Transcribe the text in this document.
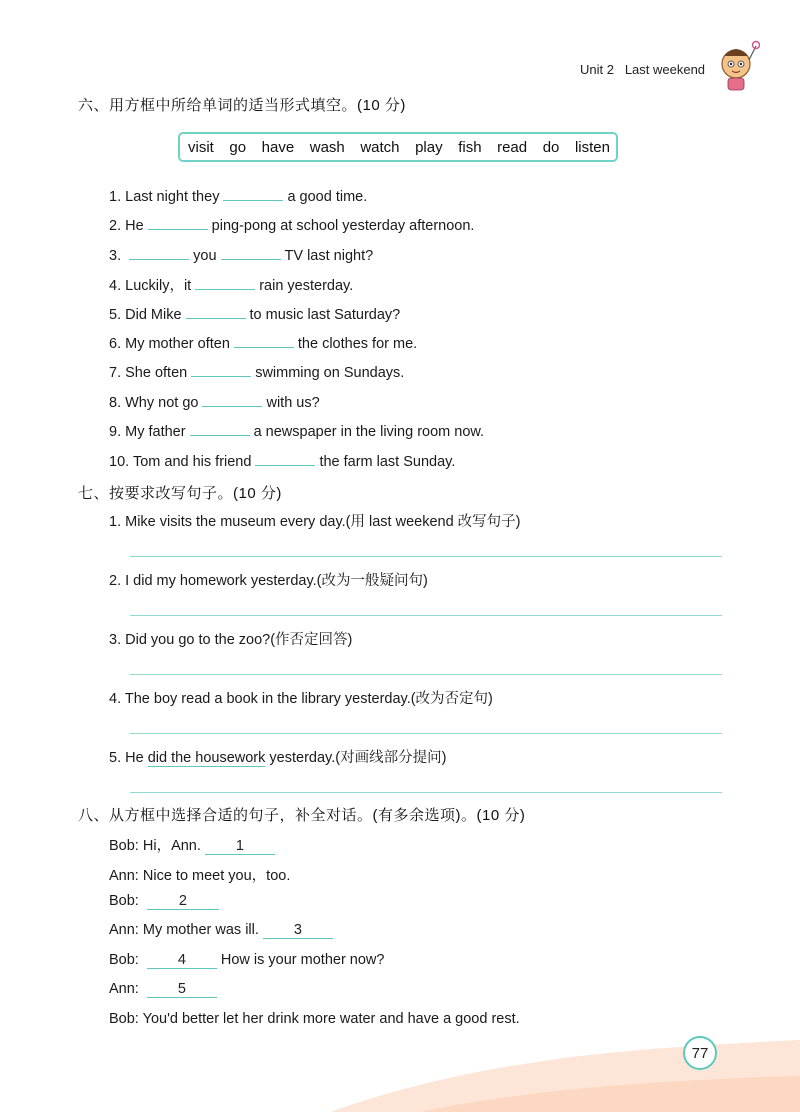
Unit 2 Last weekend
六、用方框中所给单词的适当形式填空。(10 分)
visit go have wash watch play fish read do listen
1. Last night they	a good time.
2. He	ping-pong at school yesterday afternoon.
3.	you	TV last night?
4. Luckily，it	rain yesterday.
5. Did Mike	to music last Saturday?
6. My mother often	the clothes for me.
7. She often	swimming on Sundays.
8. Why not go	with us?
9. My father	a newspaper in the living room now.
10. Tom and his friend	the farm last Sunday.
七、按要求改写句子。(10 分)
1. Mike visits the museum every day.(用 last weekend 改写句子)
2. I did my homework yesterday.(改为一般疑问句)
3. Did you go to the zoo?(作否定回答)
4. The boy read a book in the library yesterday.(改为否定句)
5. He did the housework yesterday.(对画线部分提问)
八、从方框中选择合适的句子，补全对话。(有多余选项)。(10 分)
Bob: Hi，Ann. 1
Ann: Nice to meet you，too.
Bob:	2
Ann: My mother was ill. 3
Bob:	4 How is your mother now?
Ann:	5
Bob: You'd better let her drink more water and have a good rest.
77
